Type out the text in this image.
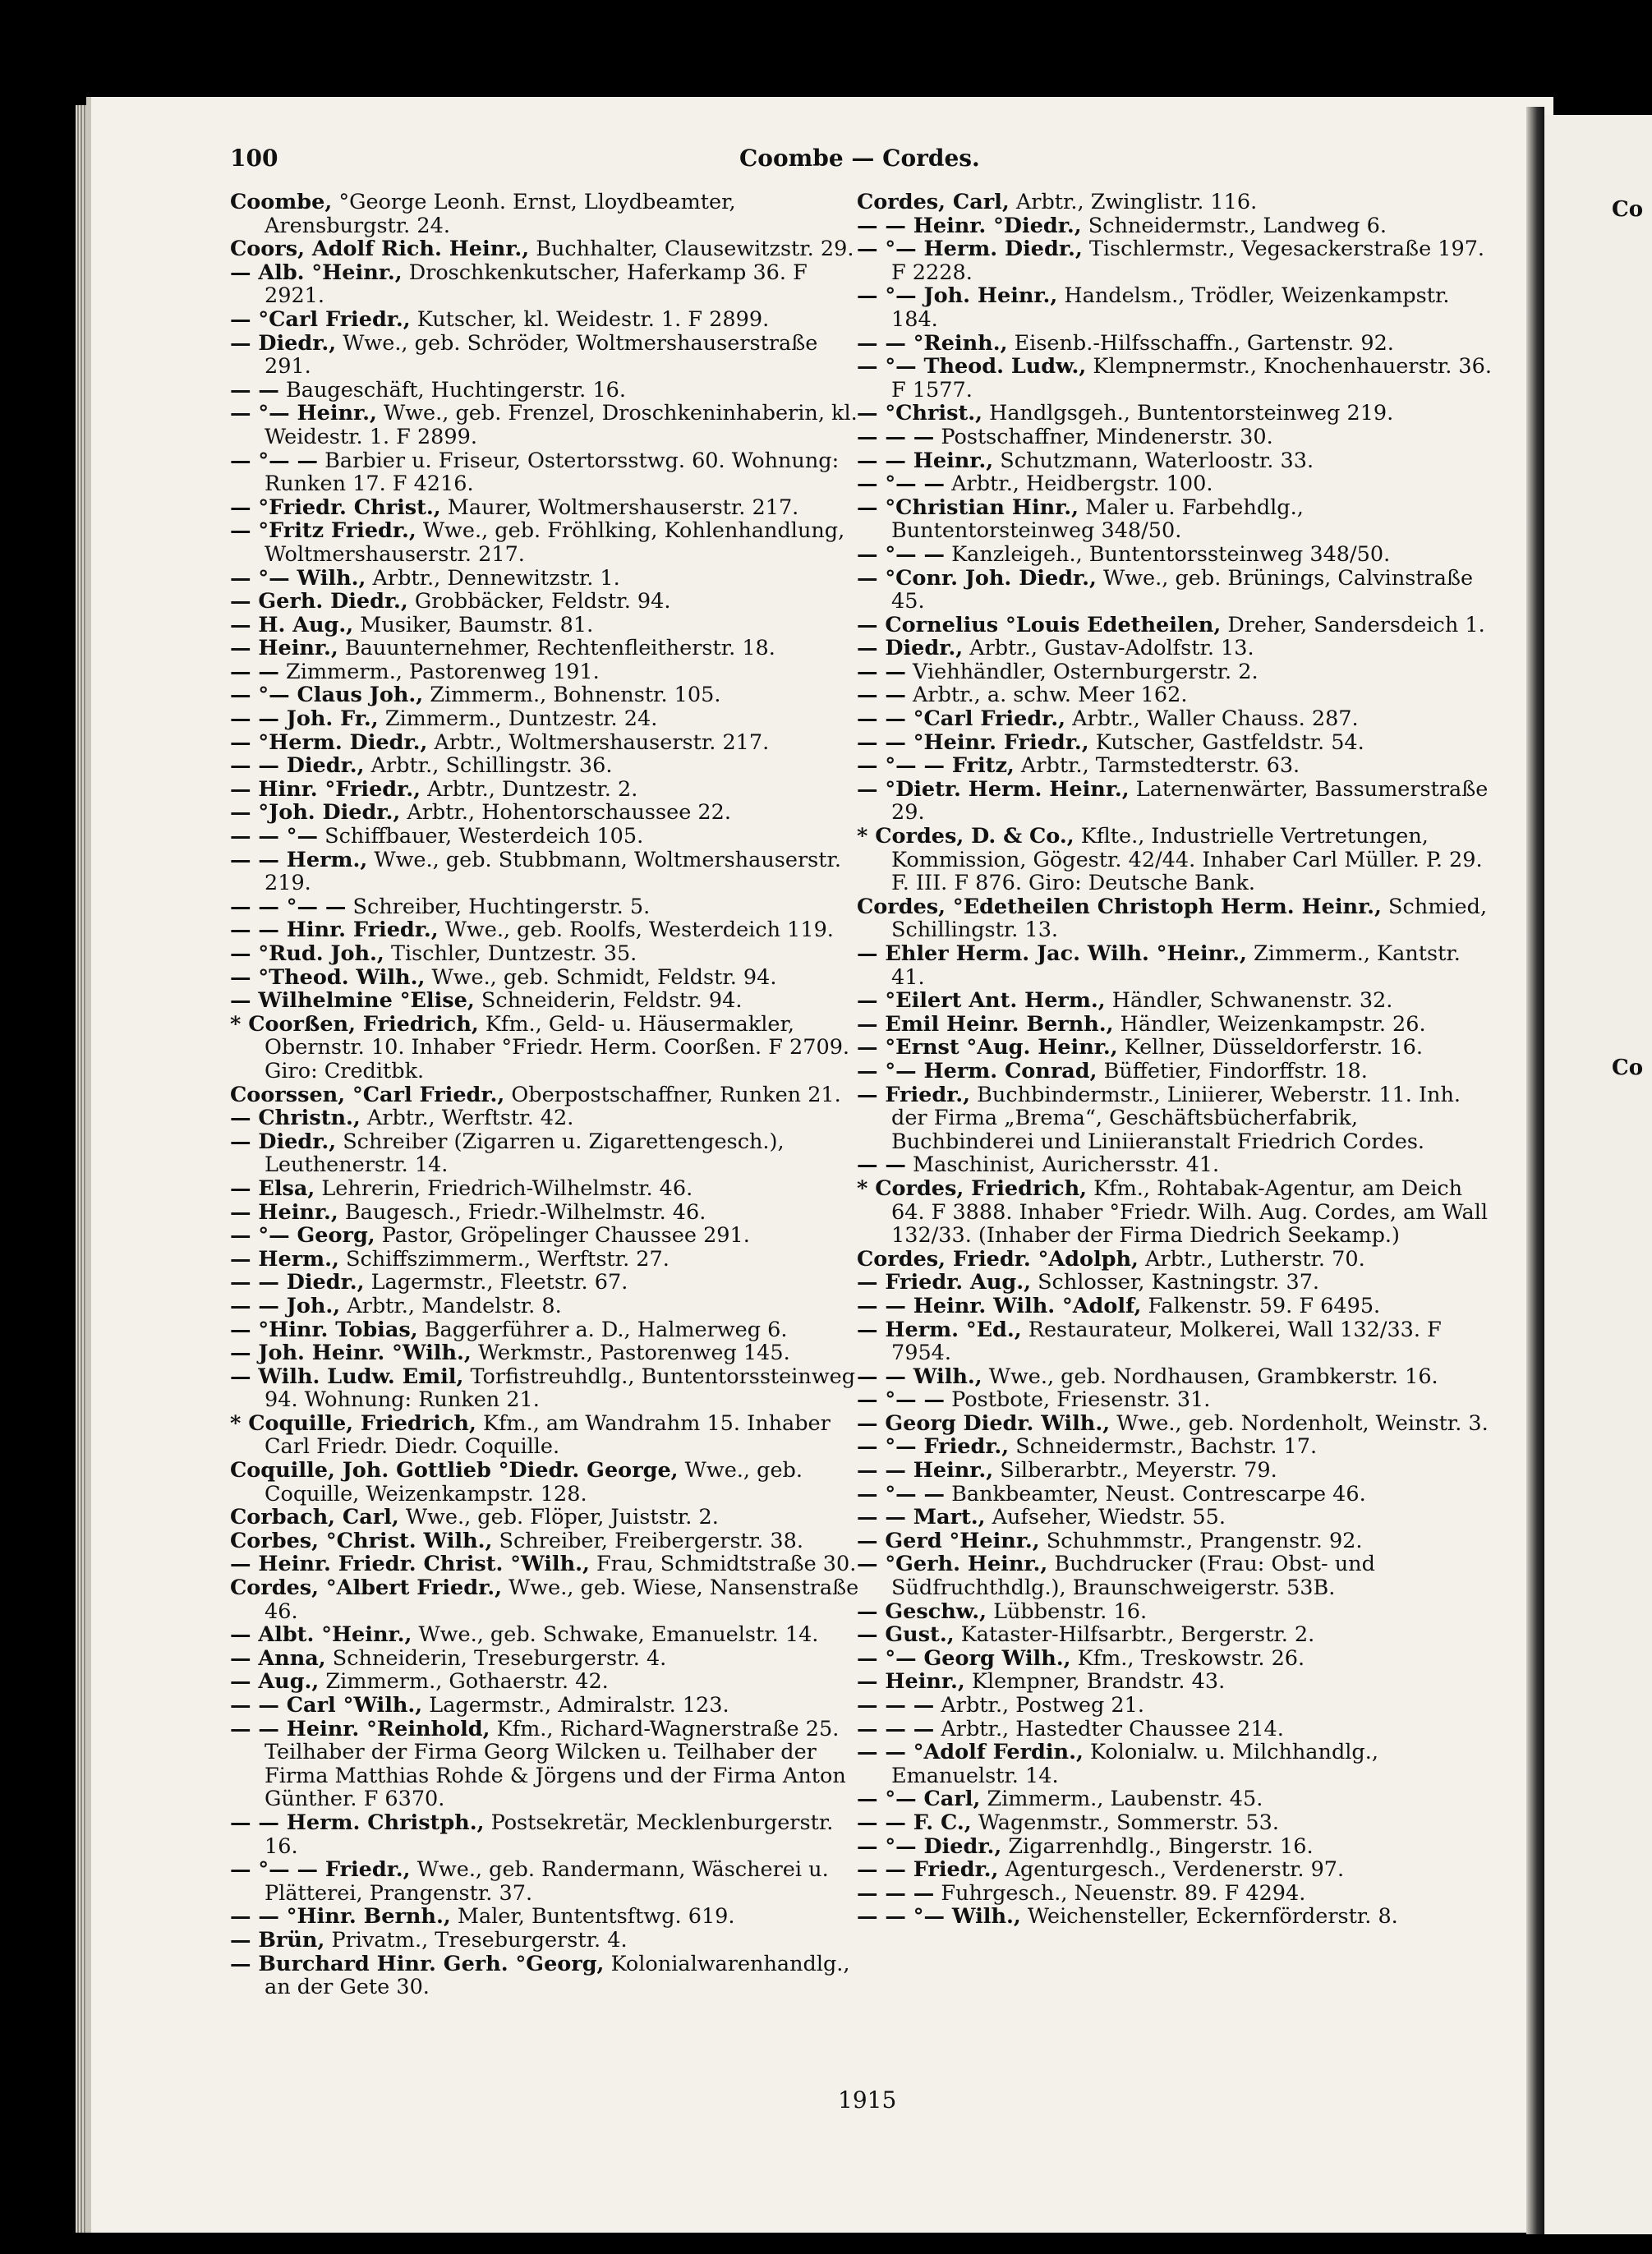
100	Coombe — Cordes.

Coombe, °George Leonh. Ernst, Lloydbeamter, Arensburgstr. 24.

Coors, Adolf Rich. Heinr., Buchhalter, Clausewitzstr. 29.

— Alb. °Heinr., Droschkenkutscher, Haferkamp 36. F 2921.

— °Carl Friedr., Kutscher, kl. Weidestr. 1. F 2899.

— Diedr., Wwe., geb. Schröder, Woltmershauserstraße 291.

— — Baugeschäft, Huchtingerstr. 16.

— °— Heinr., Wwe., geb. Frenzel, Droschkeninhaberin, kl. Weidestr. 1. F 2899.

— °— — Barbier u. Friseur, Ostertorsstwg. 60. Wohnung: Runken 17. F 4216.

— °Friedr. Christ., Maurer, Woltmershauserstr. 217.

— °Fritz Friedr., Wwe., geb. Fröhlking, Kohlenhandlung, Woltmershauserstr. 217.

— °— Wilh., Arbtr., Dennewitzstr. 1.

— Gerh. Diedr., Grobbäcker, Feldstr. 94.

— H. Aug., Musiker, Baumstr. 81.

— Heinr., Bauunternehmer, Rechtenfleitherstr. 18.

— — Zimmerm., Pastorenweg 191.

— °— Claus Joh., Zimmerm., Bohnenstr. 105.

— — Joh. Fr., Zimmerm., Duntzestr. 24.

— °Herm. Diedr., Arbtr., Woltmershauserstr. 217.

— — Diedr., Arbtr., Schillingstr. 36.

— Hinr. °Friedr., Arbtr., Duntzestr. 2.

— °Joh. Diedr., Arbtr., Hohentorschaussee 22.

— — °— Schiffbauer, Westerdeich 105.

— — Herm., Wwe., geb. Stubbmann, Woltmershauserstr. 219.

— — °— — Schreiber, Huchtingerstr. 5.

— — Hinr. Friedr., Wwe., geb. Roolfs, Westerdeich 119.

— °Rud. Joh., Tischler, Duntzestr. 35.

— °Theod. Wilh., Wwe., geb. Schmidt, Feldstr. 94.

— Wilhelmine °Elise, Schneiderin, Feldstr. 94.

* Coorßen, Friedrich, Kfm., Geld- u. Häusermakler, Obernstr. 10. Inhaber °Friedr. Herm. Coorßen. F 2709. Giro: Creditbk.

Coorssen, °Carl Friedr., Oberpostschaffner, Runken 21.

— Christn., Arbtr., Werftstr. 42.

— Diedr., Schreiber (Zigarren u. Zigarettengesch.), Leuthenerstr. 14.

— Elsa, Lehrerin, Friedrich-Wilhelmstr. 46.

— Heinr., Baugesch., Friedr.-Wilhelmstr. 46.

— °— Georg, Pastor, Gröpelinger Chaussee 291.

— Herm., Schiffszimmerm., Werftstr. 27.

— — Diedr., Lagermstr., Fleetstr. 67.

— — Joh., Arbtr., Mandelstr. 8.

— °Hinr. Tobias, Baggerführer a. D., Halmerweg 6.

— Joh. Heinr. °Wilh., Werkmstr., Pastorenweg 145.

— Wilh. Ludw. Emil, Torfistreuhdlg., Buntentorssteinweg 94. Wohnung: Runken 21.

* Coquille, Friedrich, Kfm., am Wandrahm 15. Inhaber Carl Friedr. Diedr. Coquille.

Coquille, Joh. Gottlieb °Diedr. George, Wwe., geb. Coquille, Weizenkampstr. 128.

Corbach, Carl, Wwe., geb. Flöper, Juiststr. 2.

Corbes, °Christ. Wilh., Schreiber, Freibergerstr. 38.

— Heinr. Friedr. Christ. °Wilh., Frau, Schmidtstraße 30.

Cordes, °Albert Friedr., Wwe., geb. Wiese, Nansenstraße 46.

— Albt. °Heinr., Wwe., geb. Schwake, Emanuelstr. 14.

— Anna, Schneiderin, Treseburgerstr. 4.

— Aug., Zimmerm., Gothaerstr. 42.

— — Carl °Wilh., Lagermstr., Admiralstr. 123.

— — Heinr. °Reinhold, Kfm., Richard-Wagnerstraße 25. Teilhaber der Firma Georg Wilcken u. Teilhaber der Firma Matthias Rohde & Jörgens und der Firma Anton Günther. F 6370.

— — Herm. Christph., Postsekretär, Mecklenburgerstr. 16.

— °— — Friedr., Wwe., geb. Randermann, Wäscherei u. Plätterei, Prangenstr. 37.

— — °Hinr. Bernh., Maler, Buntentsftwg. 619.

— Brün, Privatm., Treseburgerstr. 4.

— Burchard Hinr. Gerh. °Georg, Kolonialwarenhandlg., an der Gete 30.

Cordes, Carl, Arbtr., Zwinglistr. 116.

— — Heinr. °Diedr., Schneidermstr., Landweg 6.

— °— Herm. Diedr., Tischlermstr., Vegesackerstraße 197. F 2228.

— °— Joh. Heinr., Handelsm., Trödler, Weizenkampstr. 184.

— — °Reinh., Eisenb.-Hilfsschaffn., Gartenstr. 92.

— °— Theod. Ludw., Klempnermstr., Knochenhauerstr. 36. F 1577.

— °Christ., Handlgsgeh., Buntentorsteinweg 219.

— — — Postschaffner, Mindenerstr. 30.

— — Heinr., Schutzmann, Waterloostr. 33.

— °— — Arbtr., Heidbergstr. 100.

— °Christian Hinr., Maler u. Farbehdlg., Buntentorsteinweg 348/50.

— °— — Kanzleigeh., Buntentorssteinweg 348/50.

— °Conr. Joh. Diedr., Wwe., geb. Brünings, Calvinstraße 45.

— Cornelius °Louis Edetheilen, Dreher, Sandersdeich 1.

— Diedr., Arbtr., Gustav-Adolfstr. 13.

— — Viehhändler, Osternburgerstr. 2.

— — Arbtr., a. schw. Meer 162.

— — °Carl Friedr., Arbtr., Waller Chauss. 287.

— — °Heinr. Friedr., Kutscher, Gastfeldstr. 54.

— °— — Fritz, Arbtr., Tarmstedterstr. 63.

— °Dietr. Herm. Heinr., Laternenwärter, Bassumerstraße 29.

* Cordes, D. & Co., Kflte., Industrielle Vertretungen, Kommission, Gögestr. 42/44. Inhaber Carl Müller. P. 29. F. III. F 876. Giro: Deutsche Bank.

Cordes, °Edetheilen Christoph Herm. Heinr., Schmied, Schillingstr. 13.

— Ehler Herm. Jac. Wilh. °Heinr., Zimmerm., Kantstr. 41.

— °Eilert Ant. Herm., Händler, Schwanenstr. 32.

— Emil Heinr. Bernh., Händler, Weizenkampstr. 26.

— °Ernst °Aug. Heinr., Kellner, Düsseldorferstr. 16.

— °— Herm. Conrad, Büffetier, Findorffstr. 18.

— Friedr., Buchbindermstr., Liniierer, Weberstr. 11. Inh. der Firma „Brema“, Geschäftsbücherfabrik, Buchbinderei und Liniieranstalt Friedrich Cordes.

— — Maschinist, Aurichersstr. 41.

* Cordes, Friedrich, Kfm., Rohtabak-Agentur, am Deich 64. F 3888. Inhaber °Friedr. Wilh. Aug. Cordes, am Wall 132/33. (Inhaber der Firma Diedrich Seekamp.)

Cordes, Friedr. °Adolph, Arbtr., Lutherstr. 70.

— Friedr. Aug., Schlosser, Kastningstr. 37.

— — Heinr. Wilh. °Adolf, Falkenstr. 59. F 6495.

— Herm. °Ed., Restaurateur, Molkerei, Wall 132/33. F 7954.

— — Wilh., Wwe., geb. Nordhausen, Grambkerstr. 16.

— °— — Postbote, Friesenstr. 31.

— Georg Diedr. Wilh., Wwe., geb. Nordenholt, Weinstr. 3.

— °— Friedr., Schneidermstr., Bachstr. 17.

— — Heinr., Silberarbtr., Meyerstr. 79.

— °— — Bankbeamter, Neust. Contrescarpe 46.

— — Mart., Aufseher, Wiedstr. 55.

— Gerd °Heinr., Schuhmmstr., Prangenstr. 92.

— °Gerh. Heinr., Buchdrucker (Frau: Obst- und Südfruchthdlg.), Braunschweigerstr. 53B.

— Geschw., Lübbenstr. 16.

— Gust., Kataster-Hilfsarbtr., Bergerstr. 2.

— °— Georg Wilh., Kfm., Treskowstr. 26.

— Heinr., Klempner, Brandstr. 43.

— — — Arbtr., Postweg 21.

— — — Arbtr., Hastedter Chaussee 214.

— — °Adolf Ferdin., Kolonialw. u. Milchhandlg., Emanuelstr. 14.

— °— Carl, Zimmerm., Laubenstr. 45.

— — F. C., Wagenmstr., Sommerstr. 53.

— °— Diedr., Zigarrenhdlg., Bingerstr. 16.

— — Friedr., Agenturgesch., Verdenerstr. 97.

— — — Fuhrgesch., Neuenstr. 89. F 4294.

— — °— Wilh., Weichensteller, Eckernförderstr. 8.

1915
Co
Co
